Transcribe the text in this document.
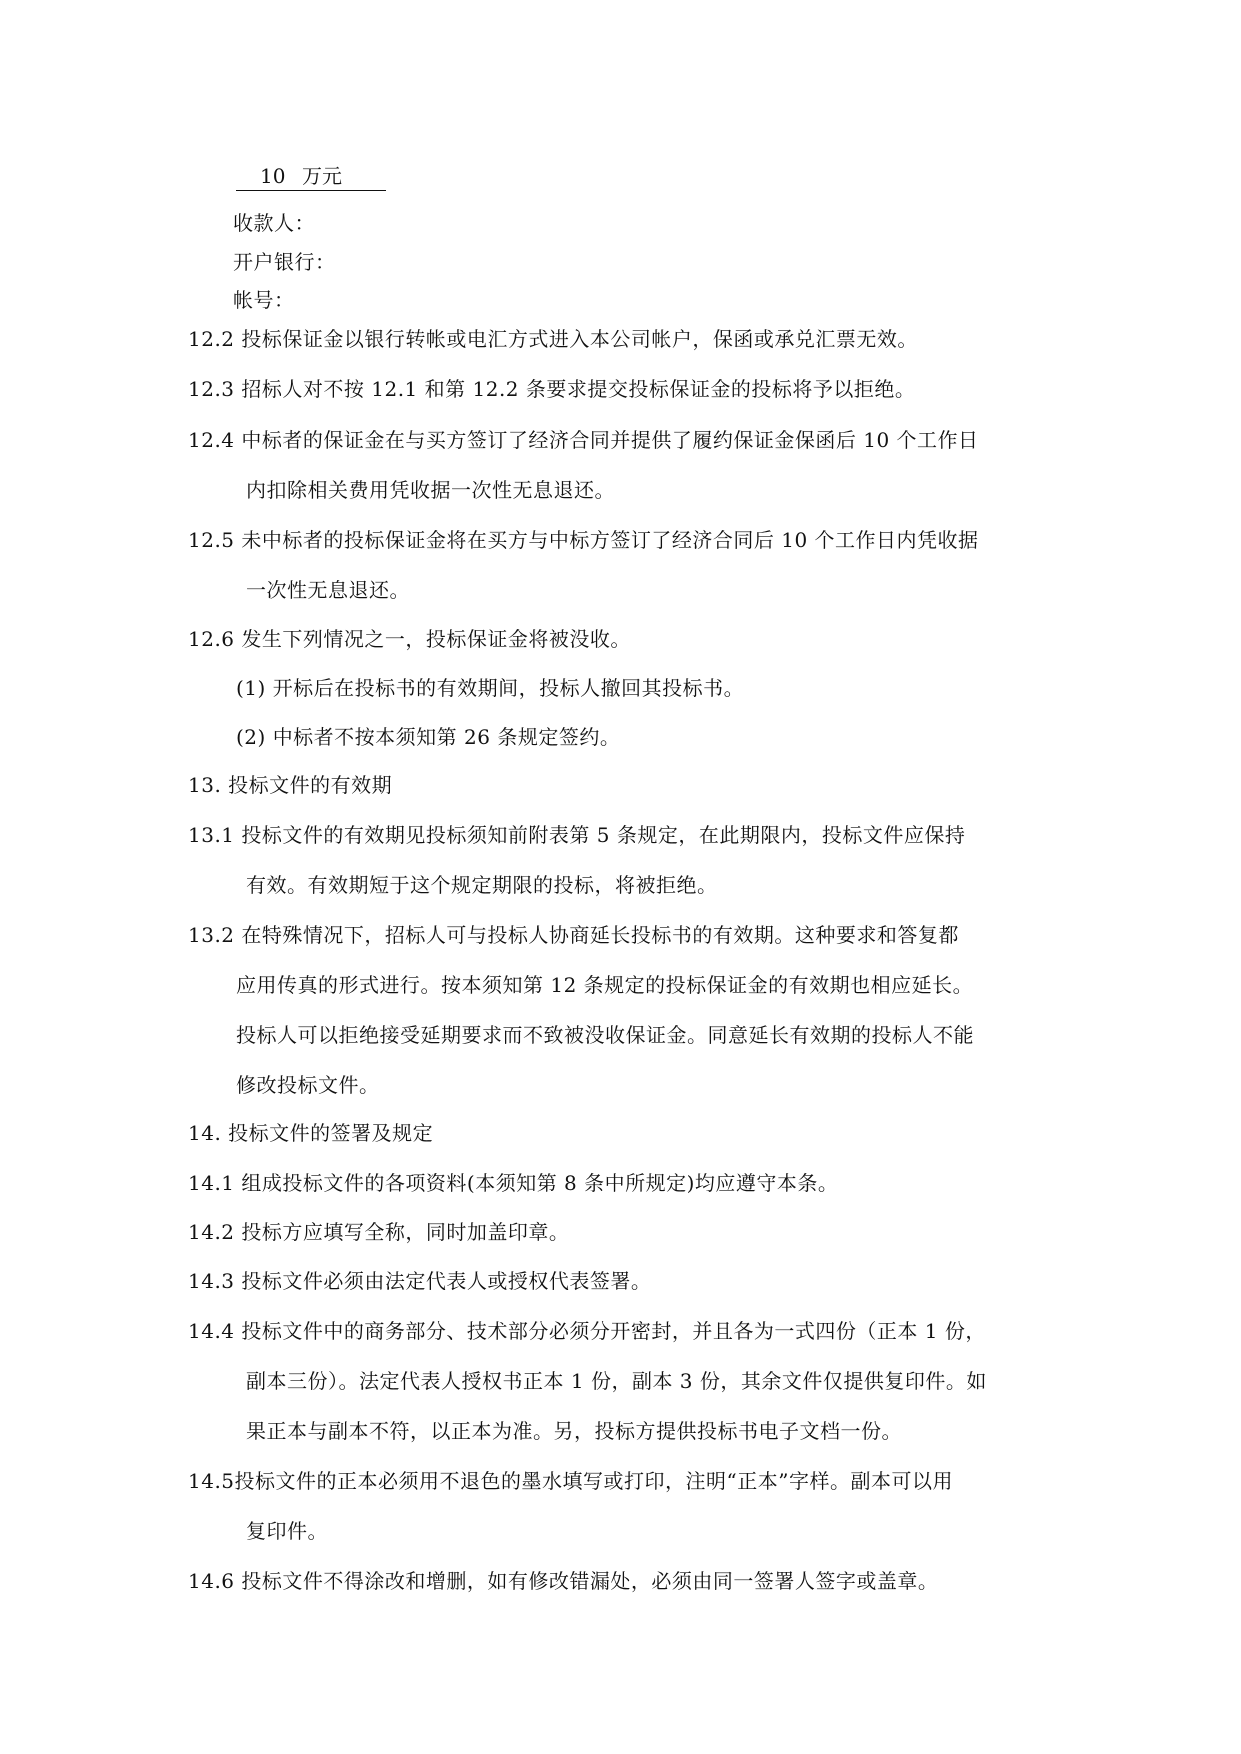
10 万元
收款人：
开户银行：
帐号：
12.2 投标保证金以银行转帐或电汇方式进入本公司帐户，保函或承兑汇票无效。
12.3 招标人对不按 12.1 和第 12.2 条要求提交投标保证金的投标将予以拒绝。
12.4 中标者的保证金在与买方签订了经济合同并提供了履约保证金保函后 10 个工作日
内扣除相关费用凭收据一次性无息退还。
12.5 未中标者的投标保证金将在买方与中标方签订了经济合同后 10 个工作日内凭收据
一次性无息退还。
12.6 发生下列情况之一，投标保证金将被没收。
(1) 开标后在投标书的有效期间，投标人撤回其投标书。
(2) 中标者不按本须知第 26 条规定签约。
13. 投标文件的有效期
13.1 投标文件的有效期见投标须知前附表第 5 条规定，在此期限内，投标文件应保持
有效。有效期短于这个规定期限的投标，将被拒绝。
13.2 在特殊情况下，招标人可与投标人协商延长投标书的有效期。这种要求和答复都
应用传真的形式进行。按本须知第 12 条规定的投标保证金的有效期也相应延长。
投标人可以拒绝接受延期要求而不致被没收保证金。同意延长有效期的投标人不能
修改投标文件。
14. 投标文件的签署及规定
14.1 组成投标文件的各项资料(本须知第 8 条中所规定)均应遵守本条。
14.2 投标方应填写全称，同时加盖印章。
14.3 投标文件必须由法定代表人或授权代表签署。
14.4 投标文件中的商务部分、技术部分必须分开密封，并且各为一式四份（正本 1 份，
副本三份）。法定代表人授权书正本 1 份，副本 3 份，其余文件仅提供复印件。如
果正本与副本不符，以正本为准。另，投标方提供投标书电子文档一份。
14.5投标文件的正本必须用不退色的墨水填写或打印，注明“正本”字样。副本可以用
复印件。
14.6 投标文件不得涂改和增删，如有修改错漏处，必须由同一签署人签字或盖章。
